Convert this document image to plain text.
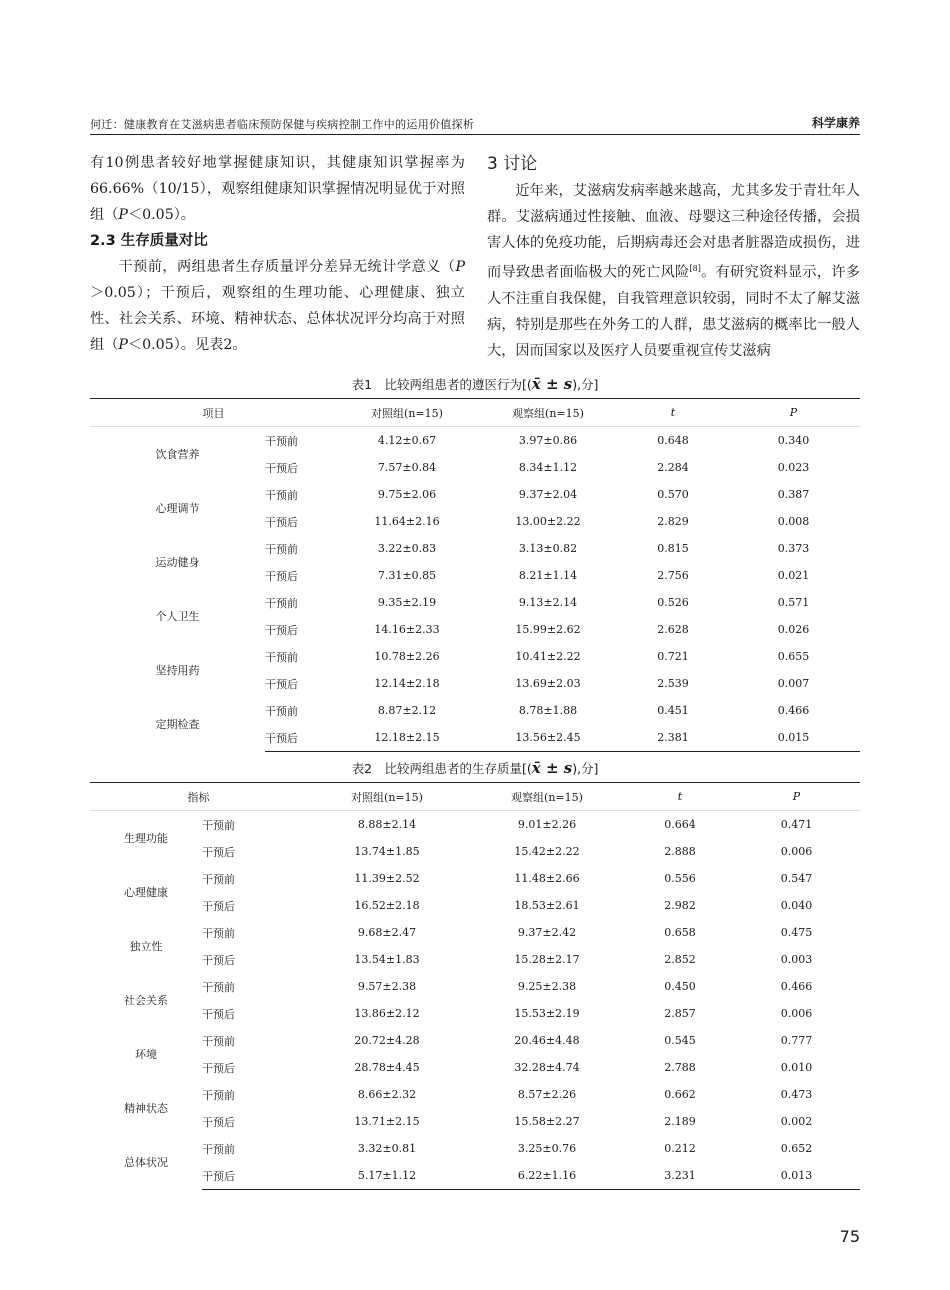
何迁：健康教育在艾滋病患者临床预防保健与疾病控制工作中的运用价值探析	科学康养

有10例患者较好地掌握健康知识，其健康知识掌握率为66.66%（10/15），观察组健康知识掌握情况明显优于对照组（P＜0.05）。

2.3 生存质量对比

干预前，两组患者生存质量评分差异无统计学意义（P＞0.05）；干预后，观察组的生理功能、心理健康、独立性、社会关系、环境、精神状态、总体状况评分均高于对照组（P＜0.05）。见表2。

3 讨论

近年来，艾滋病发病率越来越高，尤其多发于青壮年人群。艾滋病通过性接触、血液、母婴这三种途径传播，会损害人体的免疫功能，后期病毒还会对患者脏器造成损伤，进而导致患者面临极大的死亡风险[8]。有研究资料显示，许多人不注重自我保健，自我管理意识较弱，同时不太了解艾滋病，特别是那些在外务工的人群，患艾滋病的概率比一般人大，因而国家以及医疗人员要重视宣传艾滋病

表1　比较两组患者的遵医行为[(x̄ ± s),分]
项目		对照组(n=15)	观察组(n=15)	t	P
饮食营养	干预前	4.12±0.67	3.97±0.86	0.648	0.340
	干预后	7.57±0.84	8.34±1.12	2.284	0.023
心理调节	干预前	9.75±2.06	9.37±2.04	0.570	0.387
	干预后	11.64±2.16	13.00±2.22	2.829	0.008
运动健身	干预前	3.22±0.83	3.13±0.82	0.815	0.373
	干预后	7.31±0.85	8.21±1.14	2.756	0.021
个人卫生	干预前	9.35±2.19	9.13±2.14	0.526	0.571
	干预后	14.16±2.33	15.99±2.62	2.628	0.026
坚持用药	干预前	10.78±2.26	10.41±2.22	0.721	0.655
	干预后	12.14±2.18	13.69±2.03	2.539	0.007
定期检查	干预前	8.87±2.12	8.78±1.88	0.451	0.466
	干预后	12.18±2.15	13.56±2.45	2.381	0.015
表2　比较两组患者的生存质量[(x̄ ± s),分]
指标		对照组(n=15)	观察组(n=15)	t	P
生理功能	干预前	8.88±2.14	9.01±2.26	0.664	0.471
	干预后	13.74±1.85	15.42±2.22	2.888	0.006
心理健康	干预前	11.39±2.52	11.48±2.66	0.556	0.547
	干预后	16.52±2.18	18.53±2.61	2.982	0.040
独立性	干预前	9.68±2.47	9.37±2.42	0.658	0.475
	干预后	13.54±1.83	15.28±2.17	2.852	0.003
社会关系	干预前	9.57±2.38	9.25±2.38	0.450	0.466
	干预后	13.86±2.12	15.53±2.19	2.857	0.006
环境	干预前	20.72±4.28	20.46±4.48	0.545	0.777
	干预后	28.78±4.45	32.28±4.74	2.788	0.010
精神状态	干预前	8.66±2.32	8.57±2.26	0.662	0.473
	干预后	13.71±2.15	15.58±2.27	2.189	0.002
总体状况	干预前	3.32±0.81	3.25±0.76	0.212	0.652
	干预后	5.17±1.12	6.22±1.16	3.231	0.013
75
